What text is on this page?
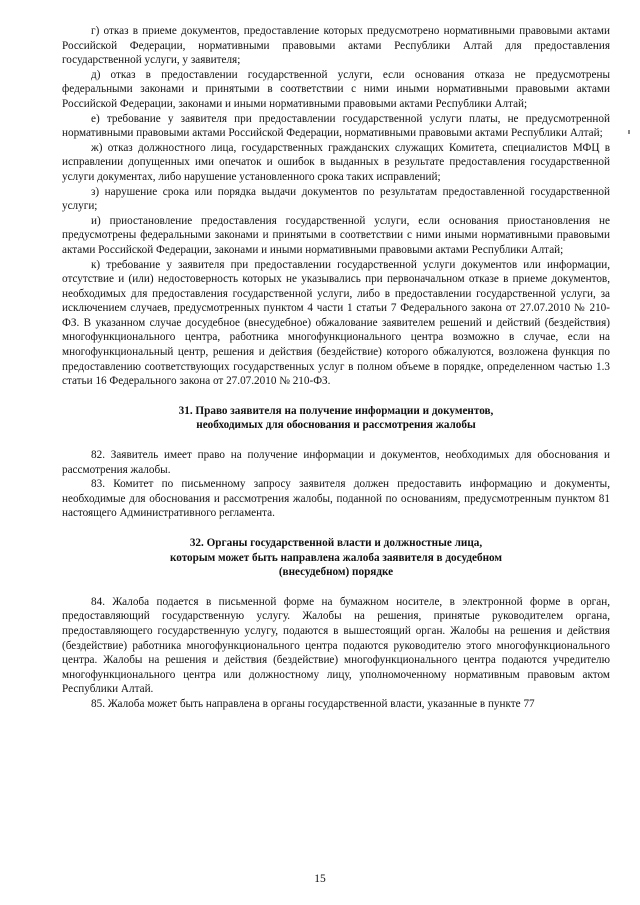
г) отказ в приеме документов, предоставление которых предусмотрено нормативными правовыми актами Российской Федерации, нормативными правовыми актами Республики Алтай для предоставления государственной услуги, у заявителя;

д) отказ в предоставлении государственной услуги, если основания отказа не предусмотрены федеральными законами и принятыми в соответствии с ними иными нормативными правовыми актами Российской Федерации, законами и иными нормативными правовыми актами Республики Алтай;

е) требование у заявителя при предоставлении государственной услуги платы, не предусмотренной нормативными правовыми актами Российской Федерации, нормативными правовыми актами Республики Алтай;

ж) отказ должностного лица, государственных гражданских служащих Комитета, специалистов МФЦ в исправлении допущенных ими опечаток и ошибок в выданных в результате предоставления государственной услуги документах, либо нарушение установленного срока таких исправлений;

з) нарушение срока или порядка выдачи документов по результатам предоставленной государственной услуги;

и) приостановление предоставления государственной услуги, если основания приостановления не предусмотрены федеральными законами и принятыми в соответствии с ними иными нормативными правовыми актами Российской Федерации, законами и иными нормативными правовыми актами Республики Алтай;

к) требование у заявителя при предоставлении государственной услуги документов или информации, отсутствие и (или) недостоверность которых не указывались при первоначальном отказе в приеме документов, необходимых для предоставления государственной услуги, либо в предоставлении государственной услуги, за исключением случаев, предусмотренных пунктом 4 части 1 статьи 7 Федерального закона от 27.07.2010 № 210-ФЗ. В указанном случае досудебное (внесудебное) обжалование заявителем решений и действий (бездействия) многофункционального центра, работника многофункционального центра возможно в случае, если на многофункциональный центр, решения и действия (бездействие) которого обжалуются, возложена функция по предоставлению соответствующих государственных услуг в полном объеме в порядке, определенном частью 1.3 статьи 16 Федерального закона от 27.07.2010 № 210-ФЗ.

31. Право заявителя на получение информации и документов,

необходимых для обоснования и рассмотрения жалобы

82. Заявитель имеет право на получение информации и документов, необходимых для обоснования и рассмотрения жалобы.

83. Комитет по письменному запросу заявителя должен предоставить информацию и документы, необходимые для обоснования и рассмотрения жалобы, поданной по основаниям, предусмотренным пунктом 81 настоящего Административного регламента.

32. Органы государственной власти и должностные лица,

которым может быть направлена жалоба заявителя в досудебном

(внесудебном) порядке

84. Жалоба подается в письменной форме на бумажном носителе, в электронной форме в орган, предоставляющий государственную услугу. Жалобы на решения, принятые руководителем органа, предоставляющего государственную услугу, подаются в вышестоящий орган. Жалобы на решения и действия (бездействие) работника многофункционального центра подаются руководителю этого многофункционального центра. Жалобы на решения и действия (бездействие) многофункционального центра подаются учредителю многофункционального центра или должностному лицу, уполномоченному нормативным правовым актом Республики Алтай.

85. Жалоба может быть направлена в органы государственной власти, указанные в пункте 77

15
